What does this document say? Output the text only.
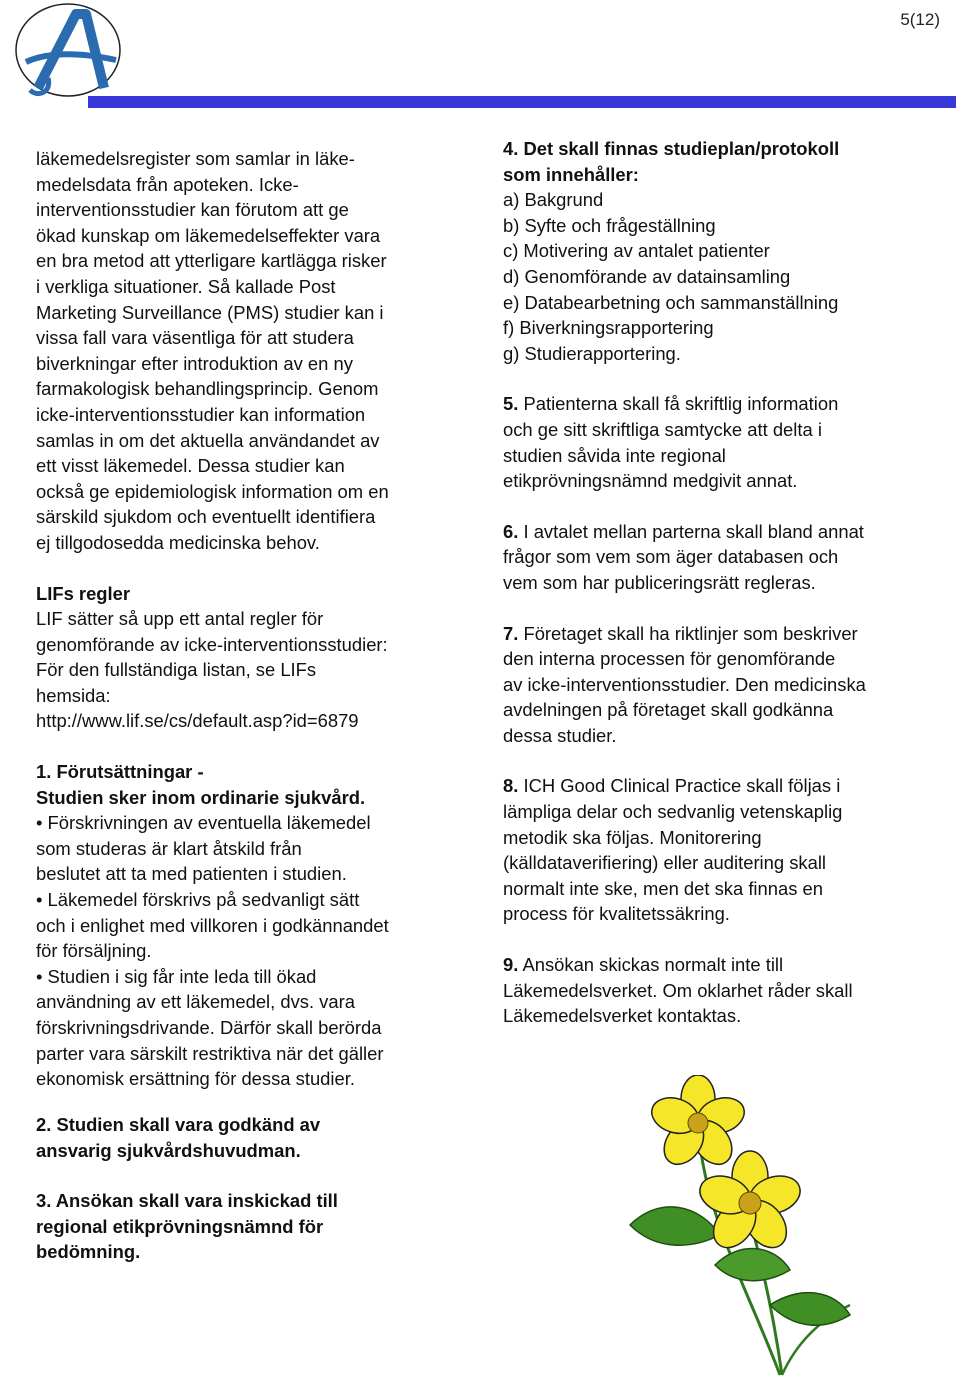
5(12)

läkemedelsregister som samlar in läke-
medelsdata från apoteken. Icke-
interventionsstudier kan förutom att ge
ökad kunskap om läkemedelseffekter vara
en bra metod att ytterligare kartlägga risker
i verkliga situationer. Så kallade Post
Marketing Surveillance (PMS) studier kan i
vissa fall vara väsentliga för att studera
biverkningar efter introduktion av en ny
farmakologisk behandlingsprincip. Genom
icke-interventionsstudier kan information
samlas in om det aktuella användandet av
ett visst läkemedel. Dessa studier kan
också ge epidemiologisk information om en
särskild sjukdom och eventuellt identifiera
ej tillgodosedda medicinska behov.

LIFs regler
LIF sätter så upp ett antal regler för
genomförande av icke-interventionsstudier:
För den fullständiga listan, se LIFs
hemsida:
http://www.lif.se/cs/default.asp?id=6879

1. Förutsättningar -
Studien sker inom ordinarie sjukvård.
• Förskrivningen av eventuella läkemedel
som studeras är klart åtskild från
beslutet att ta med patienten i studien.
• Läkemedel förskrivs på sedvanligt sätt
och i enlighet med villkoren i godkännandet
för försäljning.
• Studien i sig får inte leda till ökad
användning av ett läkemedel, dvs. vara
förskrivningsdrivande. Därför skall berörda
parter vara särskilt restriktiva när det gäller
ekonomisk ersättning för dessa studier.

2. Studien skall vara godkänd av
ansvarig sjukvårdshuvudman.

3. Ansökan skall vara inskickad till
regional etikprövningsnämnd för
bedömning.

4. Det skall finnas studieplan/protokoll
som innehåller:
a) Bakgrund
b) Syfte och frågeställning
c) Motivering av antalet patienter
d) Genomförande av datainsamling
e) Databearbetning och sammanställning
f) Biverkningsrapportering
g) Studierapportering.

5. Patienterna skall få skriftlig information
och ge sitt skriftliga samtycke att delta i
studien såvida inte regional
etikprövningsnämnd medgivit annat.

6. I avtalet mellan parterna skall bland annat
frågor som vem som äger databasen och
vem som har publiceringsrätt regleras.

7. Företaget skall ha riktlinjer som beskriver
den interna processen för genomförande
av icke-interventionsstudier. Den medicinska
avdelningen på företaget skall godkänna
dessa studier.

8. ICH Good Clinical Practice skall följas i
lämpliga delar och sedvanlig vetenskaplig
metodik ska följas. Monitorering
(källdataverifiering) eller auditering skall
normalt inte ske, men det ska finnas en
process för kvalitetssäkring.

9. Ansökan skickas normalt inte till
Läkemedelsverket. Om oklarhet råder skall
Läkemedelsverket kontaktas.
